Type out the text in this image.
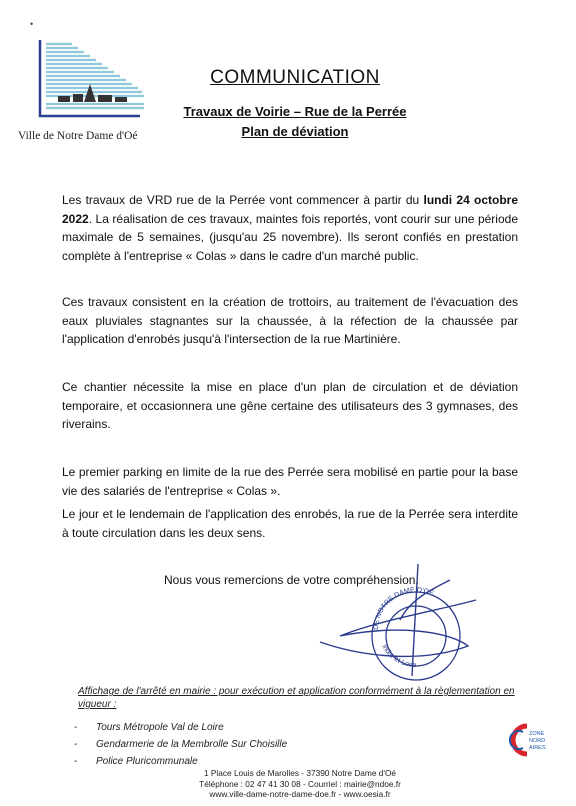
•
Ville de Notre Dame d'Oé
COMMUNICATION
Travaux de Voirie – Rue de la Perrée
Plan de déviation
Les travaux de VRD rue de la Perrée vont commencer à partir du lundi 24 octobre 2022. La réalisation de ces travaux, maintes fois reportés, vont courir sur une période maximale de 5 semaines, (jusqu'au 25 novembre). Ils seront confiés en prestation complète à l'entreprise « Colas » dans le cadre d'un marché public.
Ces travaux consistent en la création de trottoirs, au traitement de l'évacuation des eaux pluviales stagnantes sur la chaussée, à la réfection de la chaussée par l'application d'enrobés jusqu'à l'intersection de la rue Martinière.
Ce chantier nécessite la mise en place d'un plan de circulation et de déviation temporaire, et occasionnera une gêne certaine des utilisateurs des 3 gymnases, des riverains.
Le premier parking en limite de la rue des Perrée sera mobilisé en partie pour la base vie des salariés de l'entreprise « Colas ».
Le jour et le lendemain de l'application des enrobés, la rue de la Perrée sera interdite à toute circulation dans les deux sens.
DE NOTRE DAME D'OÉ
Indre-et-Loire
Nous vous remercions de votre compréhension.
Affichage de l'arrêté en mairie : pour exécution et application conformément à la règlementation en vigueur :
-	Tours Métropole Val de Loire
-	Gendarmerie de la Membrolle Sur Choisille
-	Police Pluricommunale
ZONE NORD AIRES
1 Place Louis de Marolles - 37390 Notre Dame d'Oé
Téléphone : 02 47 41 30 08 - Courriel : mairie@ndoe.fr
www.ville-dame-notre-dame-doe.fr - www.oesia.fr
